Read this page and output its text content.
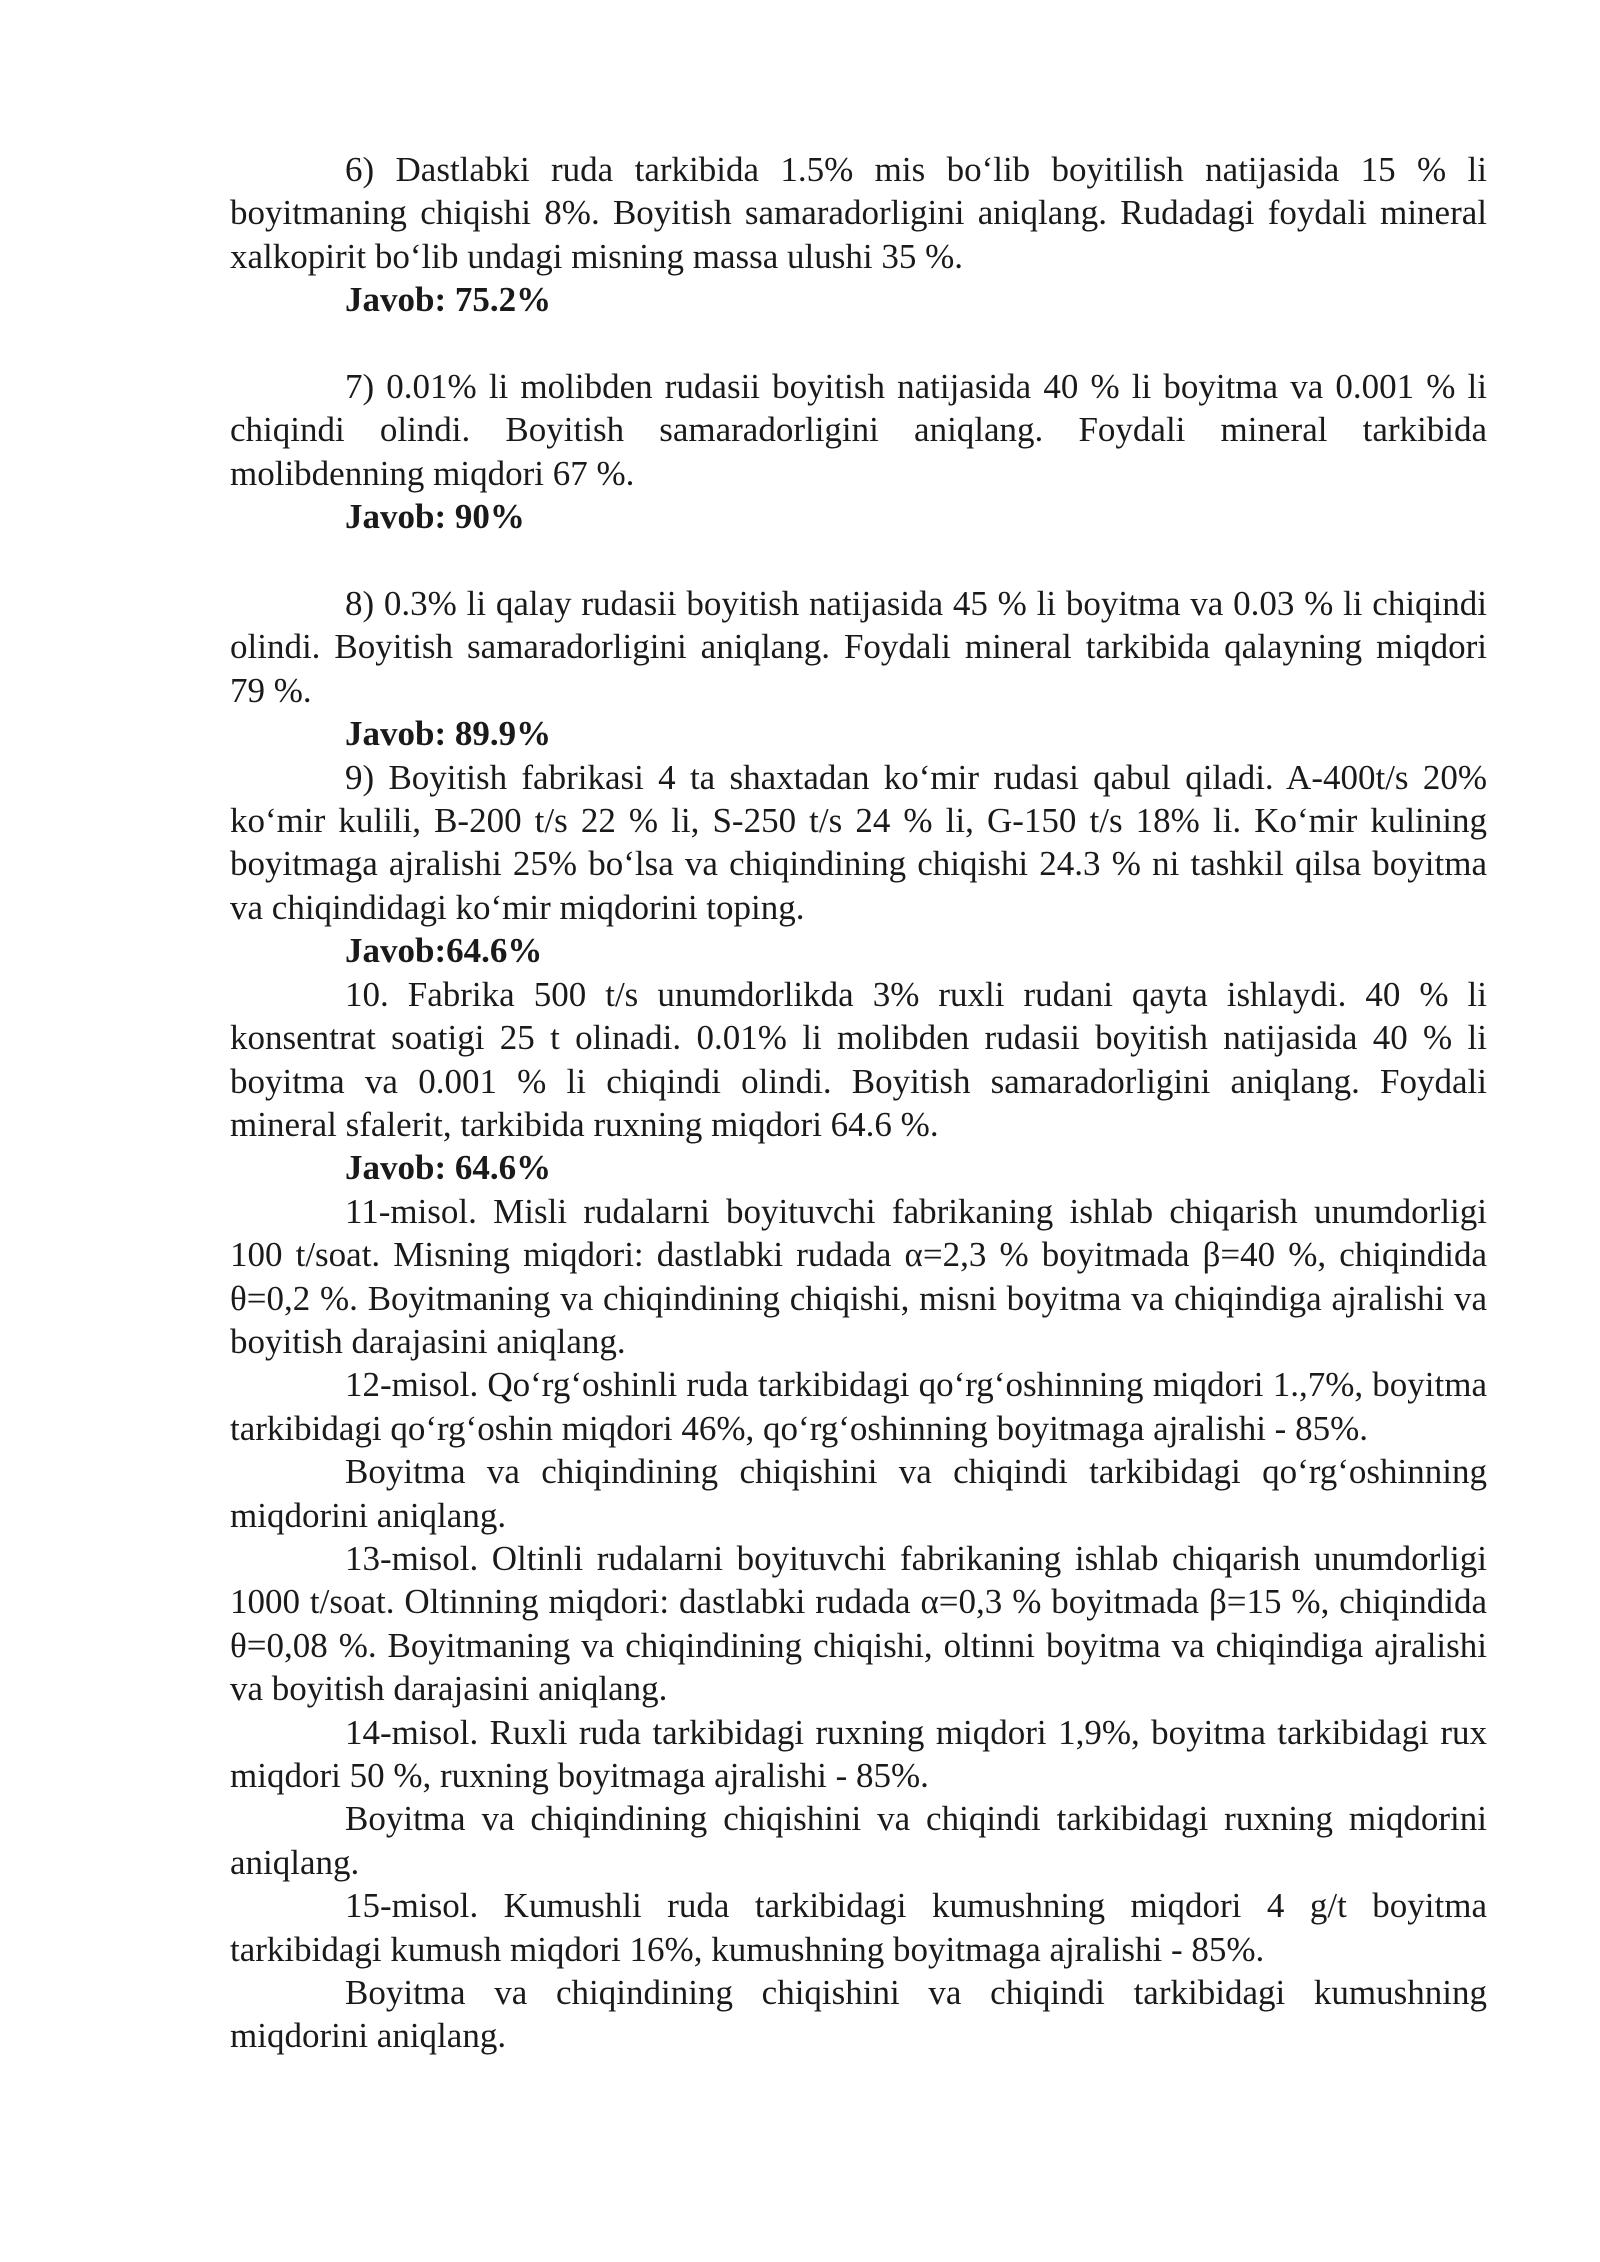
6) Dastlabki ruda tarkibida 1.5% mis bo‘lib boyitilish natijasida 15 % li boyitmaning chiqishi 8%. Boyitish samaradorligini aniqlang. Rudadagi foydali mineral xalkopirit bo‘lib undagi misning massa ulushi 35 %.

Javob: 75.2%

7) 0.01% li molibden rudasii boyitish natijasida 40 % li boyitma va 0.001 % li chiqindi olindi. Boyitish samaradorligini aniqlang. Foydali mineral tarkibida molibdenning miqdori 67 %.

Javob: 90%

8) 0.3% li qalay rudasii boyitish natijasida 45 % li boyitma va 0.03 % li chiqindi olindi. Boyitish samaradorligini aniqlang. Foydali mineral tarkibida qalayning miqdori 79 %.

Javob: 89.9%

9) Boyitish fabrikasi 4 ta shaxtadan ko‘mir rudasi qabul qiladi. A-400t/s 20% ko‘mir kulili, B-200 t/s 22 % li, S-250 t/s 24 % li, G-150 t/s 18% li. Ko‘mir kulining boyitmaga ajralishi 25% bo‘lsa va chiqindining chiqishi 24.3 % ni tashkil qilsa boyitma va chiqindidagi ko‘mir miqdorini toping.

Javob:64.6%

10. Fabrika 500 t/s unumdorlikda 3% ruxli rudani qayta ishlaydi. 40 % li konsentrat soatigi 25 t olinadi. 0.01% li molibden rudasii boyitish natijasida 40 % li boyitma va 0.001 % li chiqindi olindi. Boyitish samaradorligini aniqlang. Foydali mineral sfalerit, tarkibida ruxning miqdori 64.6 %.

Javob: 64.6%

11-misol. Misli rudalarni boyituvchi fabrikaning ishlab chiqarish unumdorligi 100 t/soat. Misning miqdori: dastlabki rudada α=2,3 % boyitmada β=40 %, chiqindida θ=0,2 %. Boyitmaning va chiqindining chiqishi, misni boyitma va chiqindiga ajralishi va boyitish darajasini aniqlang.

12-misol. Qo‘rg‘oshinli ruda tarkibidagi qo‘rg‘oshinning miqdori 1.,7%, boyitma tarkibidagi qo‘rg‘oshin miqdori 46%, qo‘rg‘oshinning boyitmaga ajralishi - 85%.

Boyitma va chiqindining chiqishini va chiqindi tarkibidagi qo‘rg‘oshinning miqdorini aniqlang.

13-misol. Oltinli rudalarni boyituvchi fabrikaning ishlab chiqarish unumdorligi 1000 t/soat. Oltinning miqdori: dastlabki rudada α=0,3 % boyitmada β=15 %, chiqindida θ=0,08 %. Boyitmaning va chiqindining chiqishi, oltinni boyitma va chiqindiga ajralishi va boyitish darajasini aniqlang.

14-misol. Ruxli ruda tarkibidagi ruxning miqdori 1,9%, boyitma tarkibidagi rux miqdori 50 %, ruxning boyitmaga ajralishi - 85%.

Boyitma va chiqindining chiqishini va chiqindi tarkibidagi ruxning miqdorini aniqlang.

15-misol. Kumushli ruda tarkibidagi kumushning miqdori 4 g/t boyitma tarkibidagi kumush miqdori 16%, kumushning boyitmaga ajralishi - 85%.

Boyitma va chiqindining chiqishini va chiqindi tarkibidagi kumushning miqdorini aniqlang.
